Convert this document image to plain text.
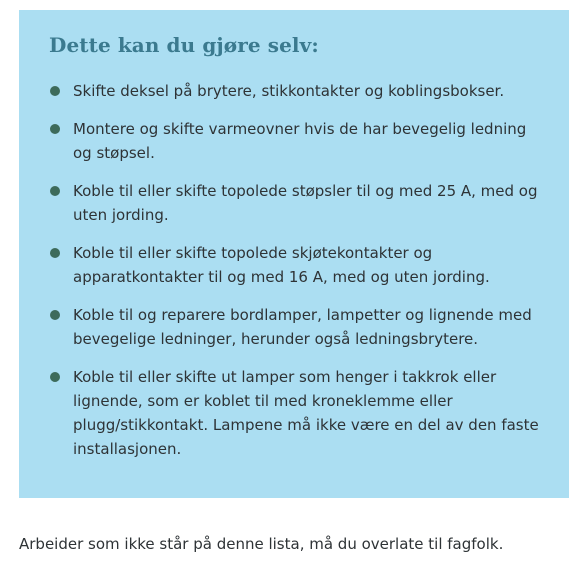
Dette kan du gjøre selv:
Skifte deksel på brytere, stikkontakter og koblingsbokser.
Montere og skifte varmeovner hvis de har bevegelig ledning og støpsel.
Koble til eller skifte topolede støpsler til og med 25 A, med og uten jording.
Koble til eller skifte topolede skjøtekontakter og apparatkontakter til og med 16 A, med og uten jording.
Koble til og reparere bordlamper, lampetter og lignende med bevegelige ledninger, herunder også ledningsbrytere.
Koble til eller skifte ut lamper som henger i takkrok eller lignende, som er koblet til med kroneklemme eller plugg/stikkontakt. Lampene må ikke være en del av den faste installasjonen.

Arbeider som ikke står på denne lista, må du overlate til fagfolk.
